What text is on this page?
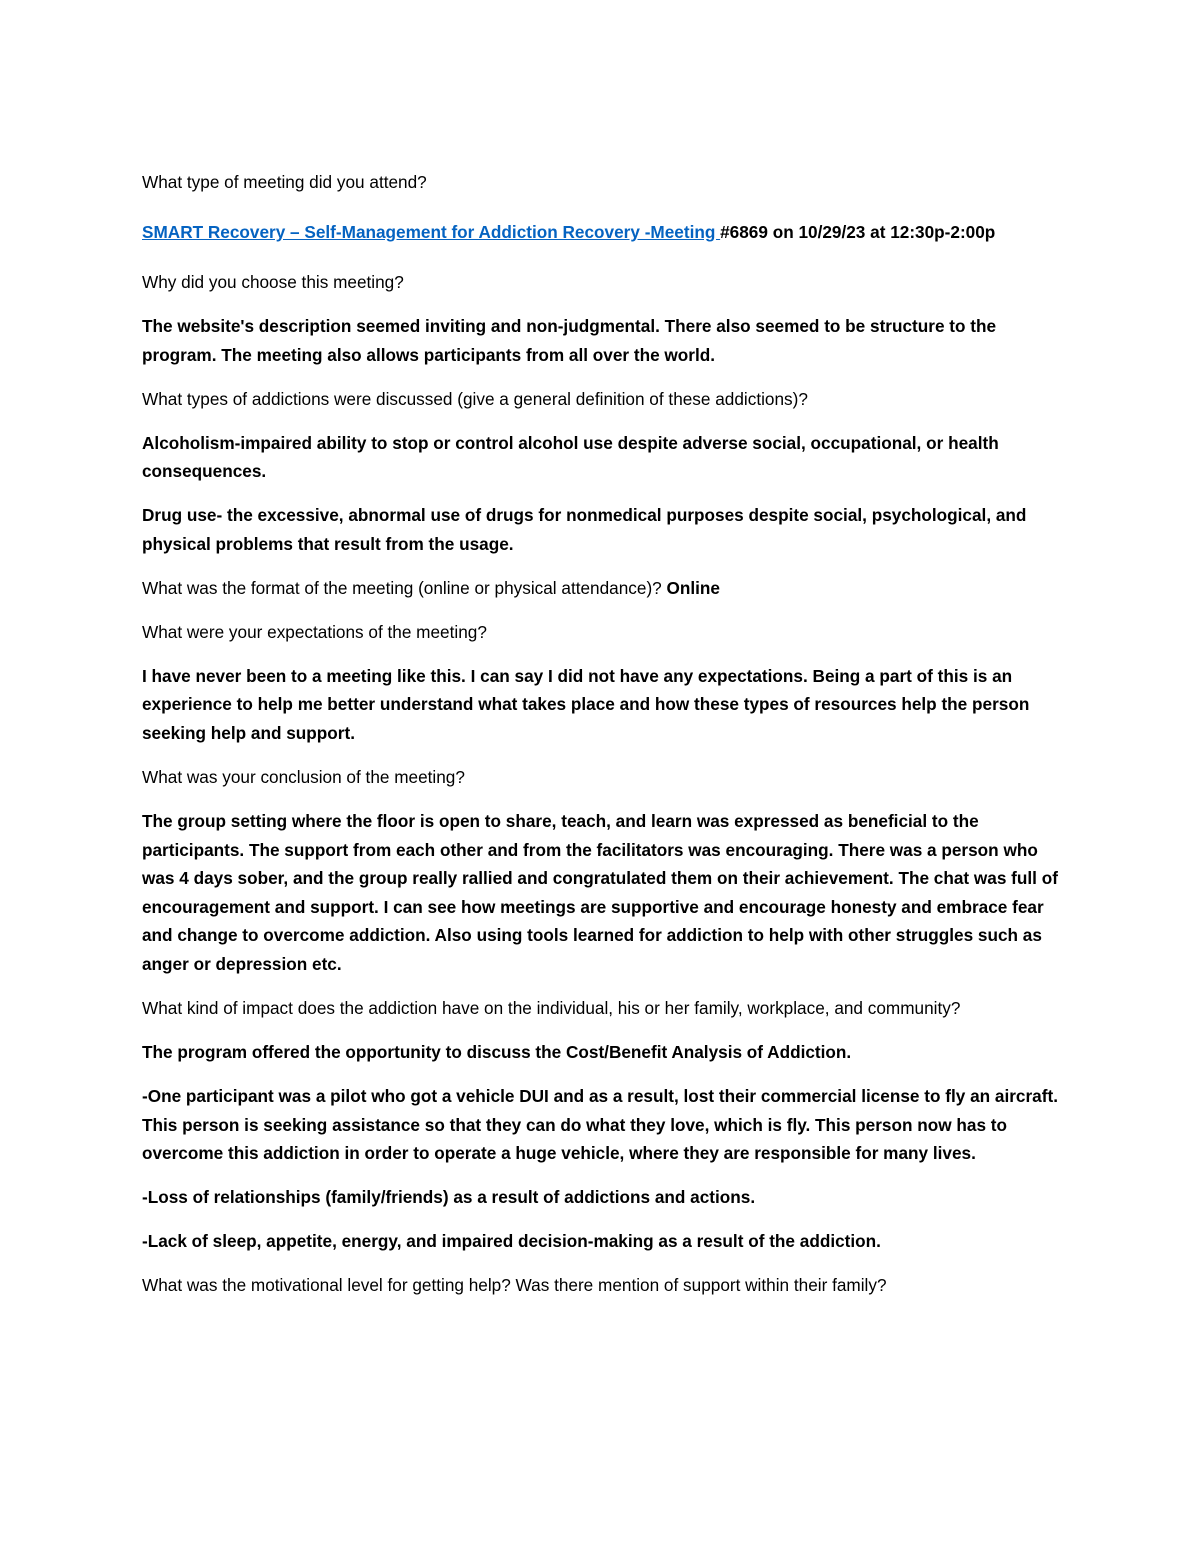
What type of meeting did you attend?

SMART Recovery – Self-Management for Addiction Recovery -Meeting #6869 on 10/29/23 at 12:30p-2:00p

Why did you choose this meeting?

The website's description seemed inviting and non-judgmental. There also seemed to be structure to the program. The meeting also allows participants from all over the world.

What types of addictions were discussed (give a general definition of these addictions)?

Alcoholism-impaired ability to stop or control alcohol use despite adverse social, occupational, or health consequences.

Drug use- the excessive, abnormal use of drugs for nonmedical purposes despite social, psychological, and physical problems that result from the usage.

What was the format of the meeting (online or physical attendance)? Online

What were your expectations of the meeting?

I have never been to a meeting like this. I can say I did not have any expectations. Being a part of this is an experience to help me better understand what takes place and how these types of resources help the person seeking help and support.

What was your conclusion of the meeting?

The group setting where the floor is open to share, teach, and learn was expressed as beneficial to the participants. The support from each other and from the facilitators was encouraging. There was a person who was 4 days sober, and the group really rallied and congratulated them on their achievement. The chat was full of encouragement and support. I can see how meetings are supportive and encourage honesty and embrace fear and change to overcome addiction. Also using tools learned for addiction to help with other struggles such as anger or depression etc.

What kind of impact does the addiction have on the individual, his or her family, workplace, and community?

The program offered the opportunity to discuss the Cost/Benefit Analysis of Addiction.

-One participant was a pilot who got a vehicle DUI and as a result, lost their commercial license to fly an aircraft. This person is seeking assistance so that they can do what they love, which is fly. This person now has to overcome this addiction in order to operate a huge vehicle, where they are responsible for many lives.

-Loss of relationships (family/friends) as a result of addictions and actions.

-Lack of sleep, appetite, energy, and impaired decision-making as a result of the addiction.

What was the motivational level for getting help? Was there mention of support within their family?
